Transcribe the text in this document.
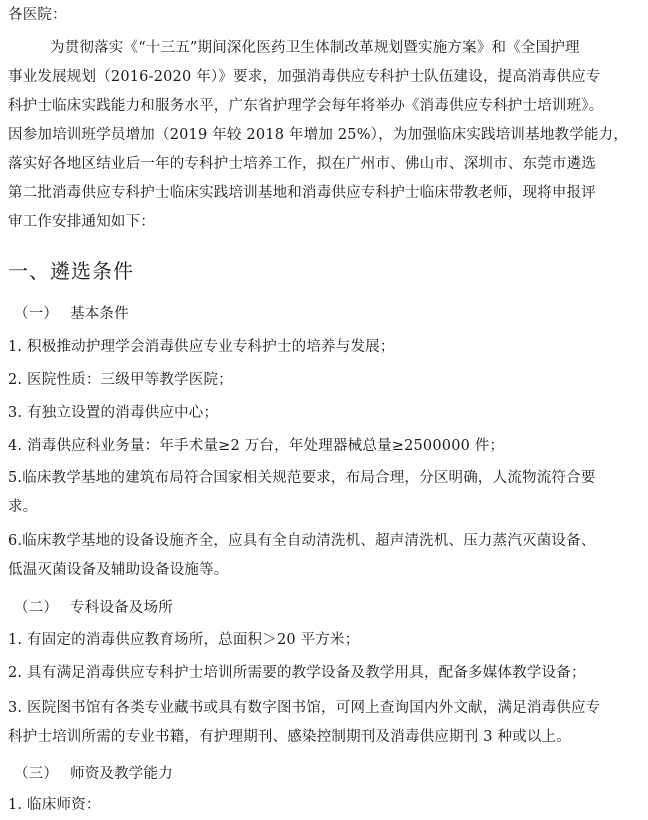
各医院：
为贯彻落实《“十三五”期间深化医药卫生体制改革规划暨实施方案》和《全国护理
事业发展规划（2016-2020 年）》要求，加强消毒供应专科护士队伍建设，提高消毒供应专
科护士临床实践能力和服务水平，广东省护理学会每年将举办《消毒供应专科护士培训班》。
因参加培训班学员增加（2019 年较 2018 年增加 25%），为加强临床实践培训基地教学能力，
落实好各地区结业后一年的专科护士培养工作，拟在广州市、佛山市、深圳市、东莞市遴选
第二批消毒供应专科护士临床实践培训基地和消毒供应专科护士临床带教老师，现将申报评
审工作安排通知如下：
一、遴选条件
（一） 基本条件
1. 积极推动护理学会消毒供应专业专科护士的培养与发展；
2. 医院性质：三级甲等教学医院；
3. 有独立设置的消毒供应中心；
4. 消毒供应科业务量：年手术量≥2 万台，年处理器械总量≥2500000 件；
5.临床教学基地的建筑布局符合国家相关规范要求，布局合理，分区明确，人流物流符合要
求。
6.临床教学基地的设备设施齐全，应具有全自动清洗机、超声清洗机、压力蒸汽灭菌设备、
低温灭菌设备及辅助设备设施等。
（二） 专科设备及场所
1. 有固定的消毒供应教育场所，总面积＞20 平方米；
2. 具有满足消毒供应专科护士培训所需要的教学设备及教学用具，配备多媒体教学设备；
3. 医院图书馆有各类专业藏书或具有数字图书馆，可网上查询国内外文献，满足消毒供应专
科护士培训所需的专业书籍，有护理期刊、感染控制期刊及消毒供应期刊 3 种或以上。
（三） 师资及教学能力
1. 临床师资：
